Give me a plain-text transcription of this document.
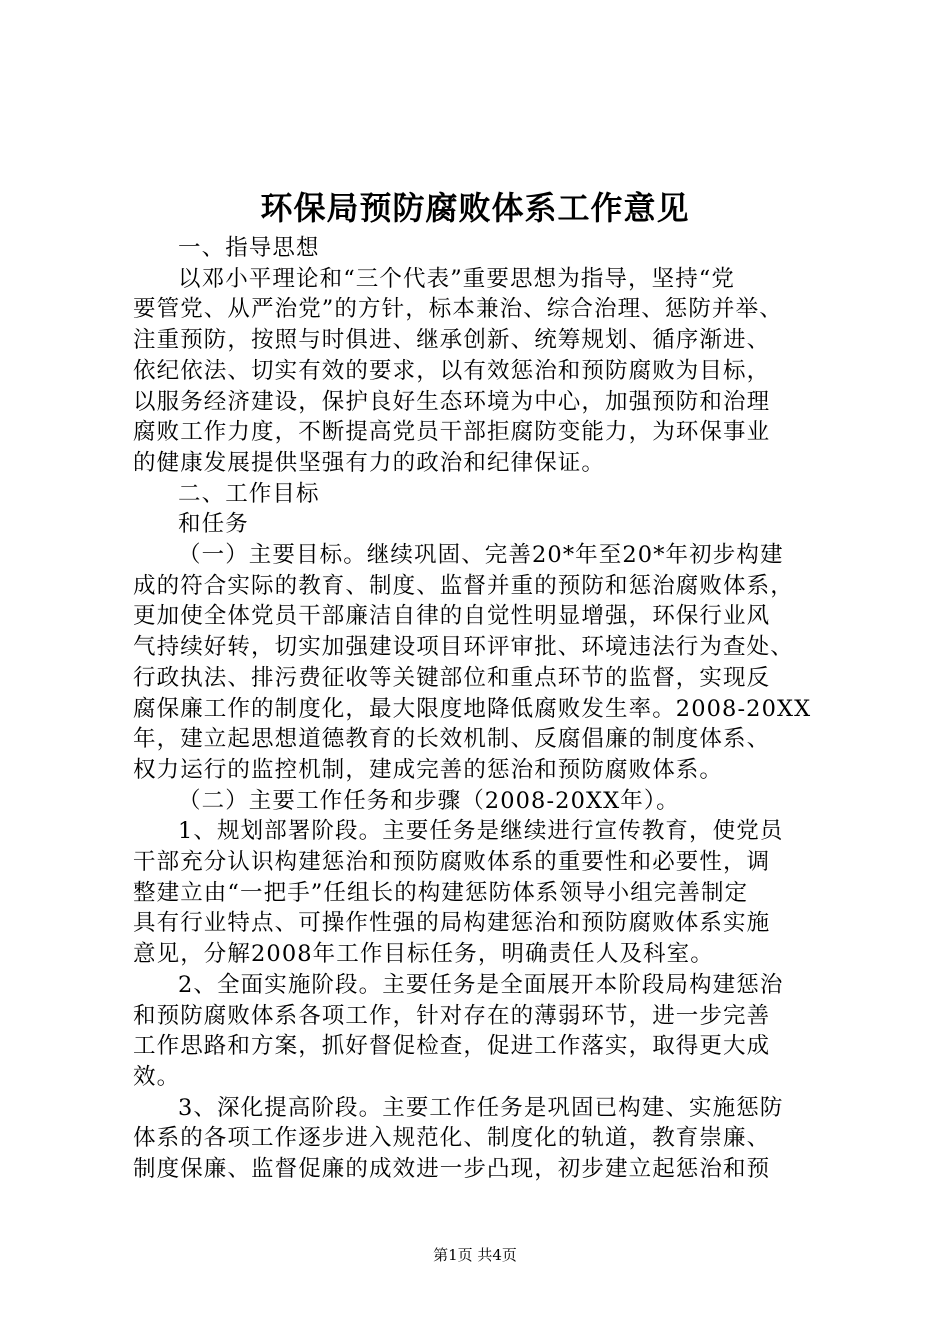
环保局预防腐败体系工作意见

一、指导思想

以邓小平理论和“三个代表”重要思想为指导，坚持“党

要管党、从严治党”的方针，标本兼治、综合治理、惩防并举、

注重预防，按照与时俱进、继承创新、统筹规划、循序渐进、

依纪依法、切实有效的要求，以有效惩治和预防腐败为目标，

以服务经济建设，保护良好生态环境为中心，加强预防和治理

腐败工作力度，不断提高党员干部拒腐防变能力，为环保事业

的健康发展提供坚强有力的政治和纪律保证。

二、工作目标

和任务

（一）主要目标。继续巩固、完善20*年至20*年初步构建

成的符合实际的教育、制度、监督并重的预防和惩治腐败体系，

更加使全体党员干部廉洁自律的自觉性明显增强，环保行业风

气持续好转，切实加强建设项目环评审批、环境违法行为查处、

行政执法、排污费征收等关键部位和重点环节的监督，实现反

腐保廉工作的制度化，最大限度地降低腐败发生率。2008-20XX

年，建立起思想道德教育的长效机制、反腐倡廉的制度体系、

权力运行的监控机制，建成完善的惩治和预防腐败体系。

（二）主要工作任务和步骤（2008-20XX年）。

1、规划部署阶段。主要任务是继续进行宣传教育，使党员

干部充分认识构建惩治和预防腐败体系的重要性和必要性，调

整建立由“一把手”任组长的构建惩防体系领导小组完善制定

具有行业特点、可操作性强的局构建惩治和预防腐败体系实施

意见，分解2008年工作目标任务，明确责任人及科室。

2、全面实施阶段。主要任务是全面展开本阶段局构建惩治

和预防腐败体系各项工作，针对存在的薄弱环节，进一步完善

工作思路和方案，抓好督促检查，促进工作落实，取得更大成

效。

3、深化提高阶段。主要工作任务是巩固已构建、实施惩防

体系的各项工作逐步进入规范化、制度化的轨道，教育崇廉、

制度保廉、监督促廉的成效进一步凸现，初步建立起惩治和预

第1页 共4页
